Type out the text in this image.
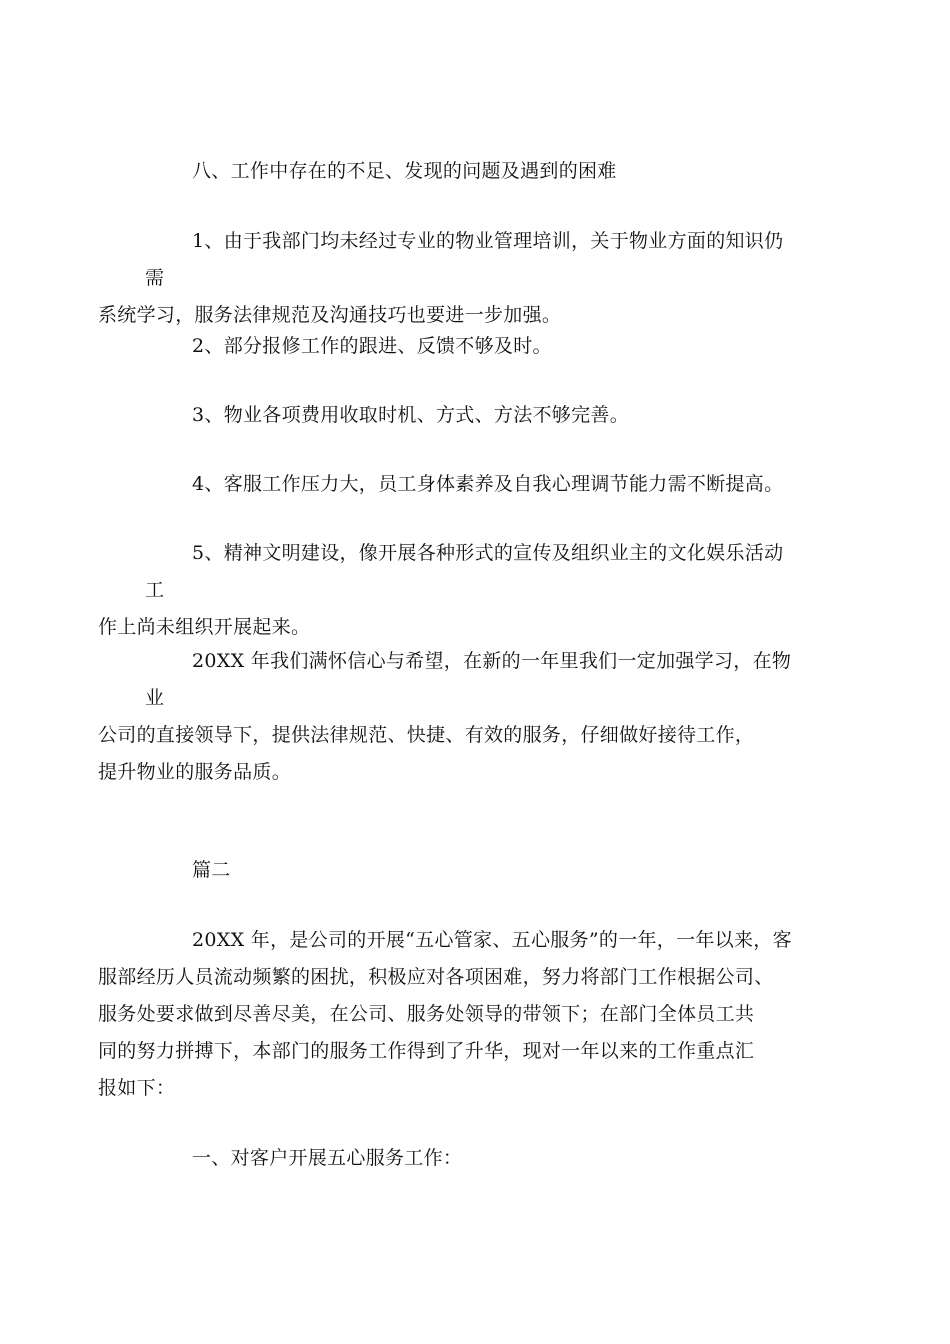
八、工作中存在的不足、发现的问题及遇到的困难
1、由于我部门均未经过专业的物业管理培训，关于物业方面的知识仍需
系统学习，服务法律规范及沟通技巧也要进一步加强。
2、部分报修工作的跟进、反馈不够及时。
3、物业各项费用收取时机、方式、方法不够完善。
4、客服工作压力大，员工身体素养及自我心理调节能力需不断提高。
5、精神文明建设，像开展各种形式的宣传及组织业主的文化娱乐活动工
作上尚未组织开展起来。
20XX 年我们满怀信心与希望，在新的一年里我们一定加强学习，在物业
公司的直接领导下，提供法律规范、快捷、有效的服务，仔细做好接待工作，
提升物业的服务品质。
篇二
20XX 年，是公司的开展“五心管家、五心服务”的一年，一年以来，客
服部经历人员流动频繁的困扰，积极应对各项困难，努力将部门工作根据公司、
服务处要求做到尽善尽美，在公司、服务处领导的带领下；在部门全体员工共
同的努力拼搏下，本部门的服务工作得到了升华，现对一年以来的工作重点汇
报如下：
一、对客户开展五心服务工作：
